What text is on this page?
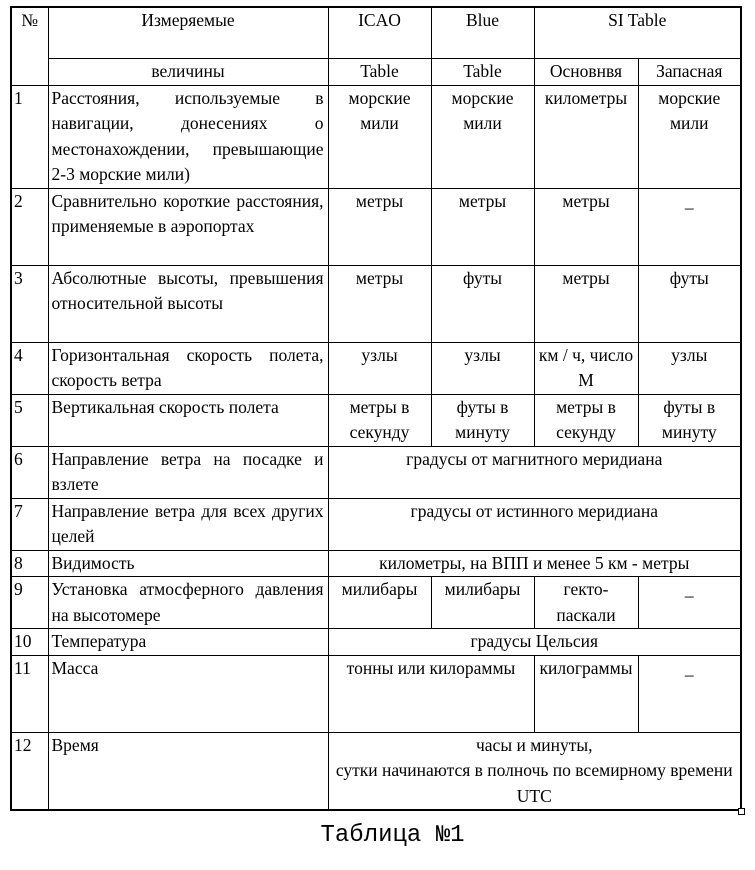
№	Измеряемые	ICAO	Blue	SI Table	
	величины	Table	Table	Основнвя	Запасная
1	Расстояния, используемые в навигации, донесениях о местонахождении, превышающие 2-3 морские мили)	морские мили	морские мили	километры	морские мили
2	Сравнительно короткие расстояния, применяемые в аэропортах	метры	метры	метры	_
3	Абсолютные высоты, превышения относительной высоты	метры	футы	метры	футы
4	Горизонтальная скорость полета, скорость ветра	узлы	узлы	км / ч, число М	узлы
5	Вертикальная скорость полета	метры в секунду	футы в минуту	метры в секунду	футы в минуту
6	Направление ветра на посадке и взлете	градусы от магнитного меридиана			
7	Направление ветра для всех других целей	градусы от истинного меридиана			
8	Видимость	километры, на ВПП и менее 5 км - метры			
9	Установка атмосферного давления на высотомере	милибары	милибары	гекто-паскали	_
10	Температура	градусы Цельсия			
11	Масса	тонны или килораммы		килограммы	_
12	Время	часы и минуты,
сутки начинаются в полночь по всемирному времени UTC			
Таблица №1
